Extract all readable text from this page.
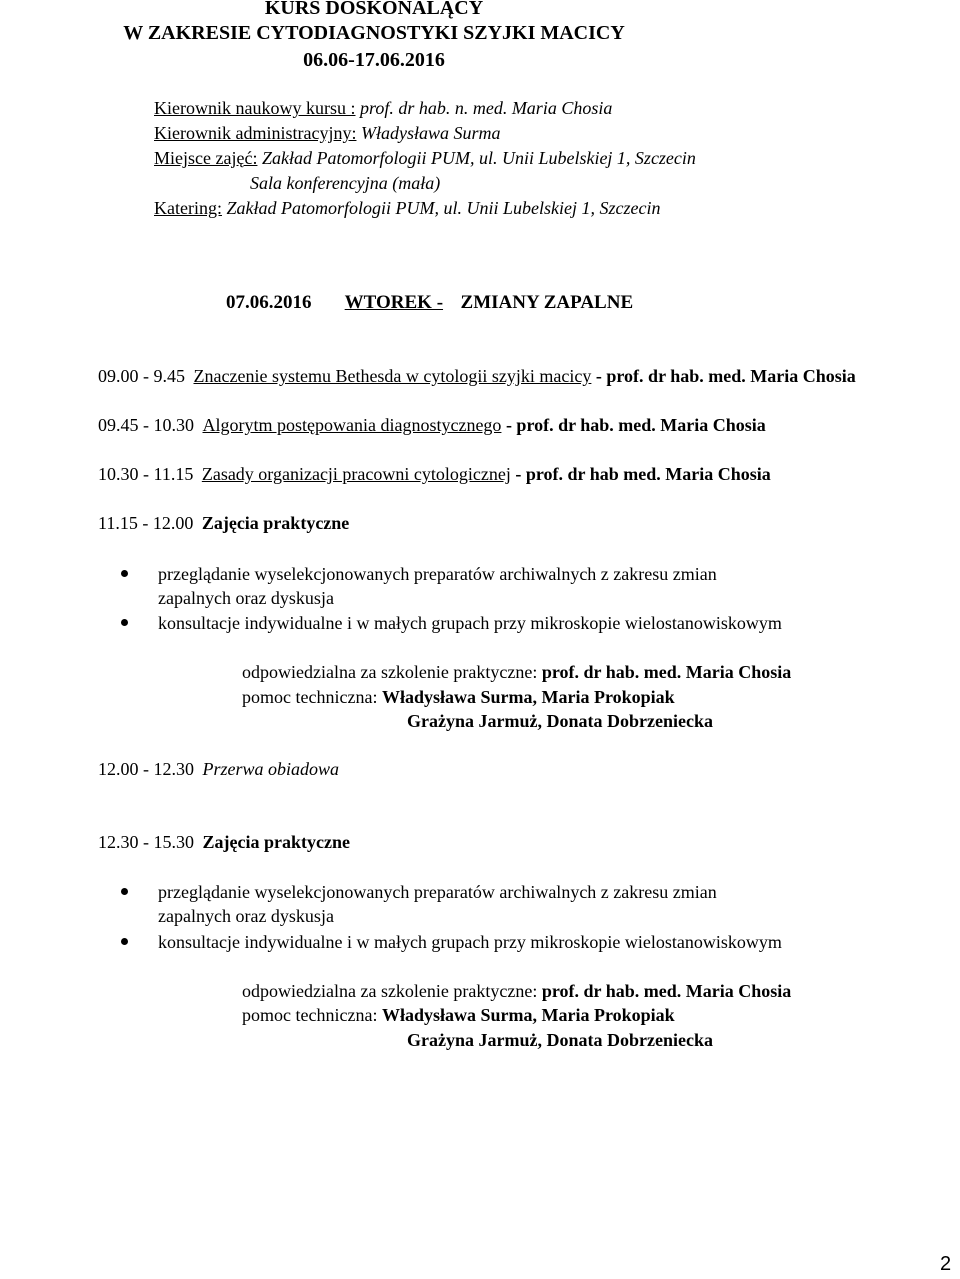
KURS DOSKONALĄCY
W ZAKRESIE CYTODIAGNOSTYKI SZYJKI MACICY
06.06-17.06.2016
Kierownik naukowy kursu : prof. dr hab. n. med. Maria Chosia
Kierownik administracyjny: Władysława Surma
Miejsce zajęć: Zakład Patomorfologii PUM, ul. Unii Lubelskiej 1, Szczecin
Sala konferencyjna (mała)
Katering: Zakład Patomorfologii PUM, ul. Unii Lubelskiej 1, Szczecin
07.06.2016 WTOREK - ZMIANY ZAPALNE
09.00 - 9.45 Znaczenie systemu Bethesda w cytologii szyjki macicy - prof. dr hab. med. Maria Chosia
09.45 - 10.30 Algorytm postępowania diagnostycznego - prof. dr hab. med. Maria Chosia
10.30 - 11.15 Zasady organizacji pracowni cytologicznej - prof. dr hab med. Maria Chosia
11.15 - 12.00 Zajęcia praktyczne
przeglądanie wyselekcjonowanych preparatów archiwalnych z zakresu zmian
zapalnych oraz dyskusja
konsultacje indywidualne i w małych grupach przy mikroskopie wielostanowiskowym
odpowiedzialna za szkolenie praktyczne: prof. dr hab. med. Maria Chosia
pomoc techniczna: Władysława Surma, Maria Prokopiak
Grażyna Jarmuż, Donata Dobrzeniecka
12.00 - 12.30 Przerwa obiadowa
12.30 - 15.30 Zajęcia praktyczne
przeglądanie wyselekcjonowanych preparatów archiwalnych z zakresu zmian
zapalnych oraz dyskusja
konsultacje indywidualne i w małych grupach przy mikroskopie wielostanowiskowym
odpowiedzialna za szkolenie praktyczne: prof. dr hab. med. Maria Chosia
pomoc techniczna: Władysława Surma, Maria Prokopiak
Grażyna Jarmuż, Donata Dobrzeniecka
2
